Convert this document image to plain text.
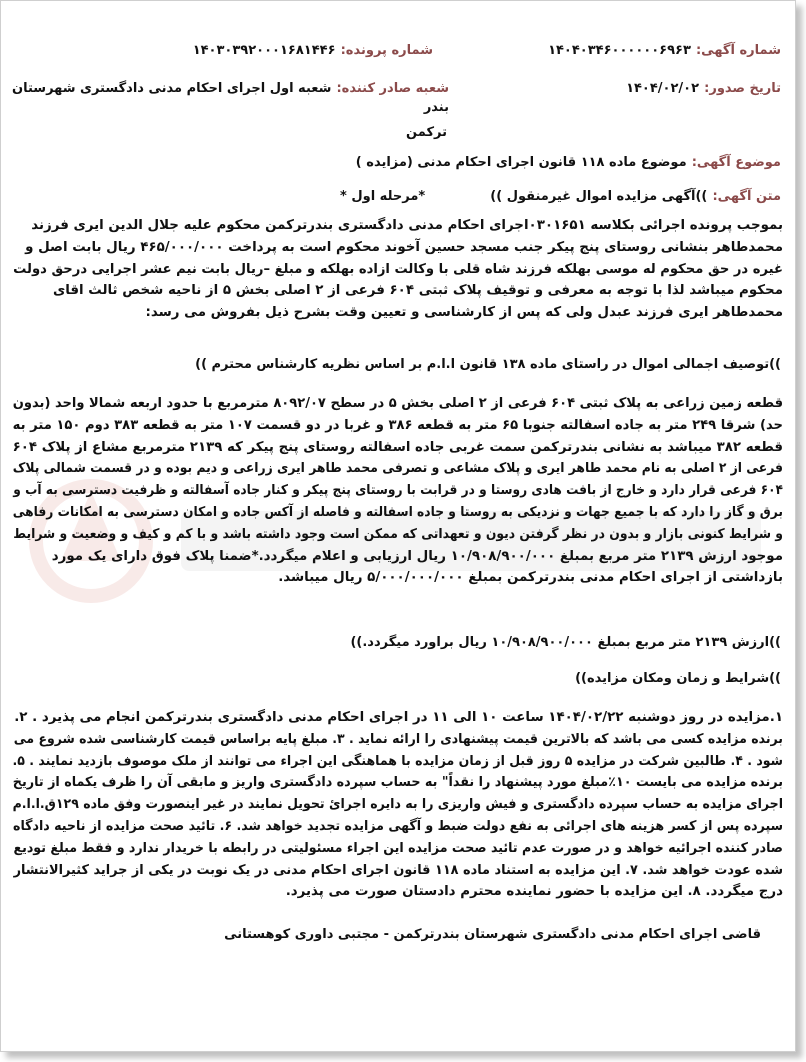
شماره آگهی: ۱۴۰۴۰۳۴۶۰۰۰۰۰۰۶۹۶۳
شماره پرونده: ۱۴۰۳۰۳۹۲۰۰۰۱۶۸۱۴۴۶
تاریخ صدور: ۱۴۰۴/۰۲/۰۲
شعبه صادر کننده: شعبه اول اجرای احکام مدنی دادگستری شهرستان بندر
ترکمن
موضوع آگهی: موضوع ماده ۱۱۸ قانون اجرای احکام مدنی (مزایده )
متن آگهی: ))آگهی مزایده اموال غیرمنقول )) *مرحله اول *
بموجب پرونده اجرائی بکلاسه ۰۳۰۱۶۵۱اجرای احکام مدنی دادگستری بندرترکمن محکوم علیه جلال الدین ایری فرزند
محمدطاهر بنشانی روستای پنج پیکر جنب مسجد حسین آخوند محکوم است به پرداخت ۴۶۵/۰۰۰/۰۰۰ ریال بابت اصل و
غیره در حق محکوم له موسی بهلکه فرزند شاه قلی با وکالت ازاده بهلکه و مبلغ –ریال بابت نیم عشر اجرایی درحق دولت
محکوم میباشد لذا با توجه به معرفی و توقیف پلاک ثبتی ۶۰۴ فرعی از ۲ اصلی بخش ۵ از ناحیه شخص ثالث اقای
محمدطاهر ایری فرزند عبدل ولی که پس از کارشناسی و تعیین وقت بشرح ذیل بفروش می رسد:
))توصیف اجمالی اموال در راستای ماده ۱۳۸ قانون ا.ا.م بر اساس نظریه کارشناس محترم ))
قطعه زمین زراعی به پلاک ثبتی ۶۰۴ فرعی از ۲ اصلی بخش ۵ در سطح ۸۰۹۲/۰۷ مترمربع با حدود اربعه شمالا واحد (بدون
حد) شرقا ۲۴۹ متر به جاده اسفالته جنوبا ۶۵ متر به قطعه ۳۸۶ و غربا در دو قسمت ۱۰۷ متر به قطعه ۳۸۳ دوم ۱۵۰ متر به
قطعه ۳۸۲ میباشد به نشانی بندرترکمن سمت غربی جاده اسفالته روستای پنج پیکر که ۲۱۳۹ مترمربع مشاع از پلاک ۶۰۴
فرعی از ۲ اصلی به نام محمد طاهر ایری و پلاک مشاعی و تصرفی محمد طاهر ایری زراعی و دیم بوده و در قسمت شمالی پلاک
۶۰۴ فرعی قرار دارد و خارج از بافت هادی روستا و در قرابت با روستای پنج پیکر و کنار جاده آسفالته و ظرفیت دسترسی به آب و
برق و گاز را دارد که با جمیع جهات و نزدیکی به روستا و جاده اسفالته و فاصله از آکس جاده و امکان دسترسی به امکانات رفاهی
و شرایط کنونی بازار و بدون در نظر گرفتن دیون و تعهداتی که ممکن است وجود داشته باشد و با کم و کیف و وضعیت و شرایط
موجود ارزش ۲۱۳۹ متر مربع بمبلغ ۱۰/۹۰۸/۹۰۰/۰۰۰ ریال ارزیابی و اعلام میگردد.*ضمنا پلاک فوق دارای یک مورد
بازداشتی از اجرای احکام مدنی بندرترکمن بمبلغ ۵/۰۰۰/۰۰۰/۰۰۰ ریال میباشد.
))ارزش ۲۱۳۹ متر مربع بمبلغ ۱۰/۹۰۸/۹۰۰/۰۰۰ ریال براورد میگردد.))
))شرایط و زمان ومکان مزایده))
۱.مزایده در روز دوشنبه ۱۴۰۴/۰۲/۲۲ ساعت ۱۰ الی ۱۱ در اجرای احکام مدنی دادگستری بندرترکمن انجام می پذیرد . ۲.
برنده مزایده کسی می باشد که بالاترین قیمت پیشنهادی را ارائه نماید . ۳. مبلغ پایه براساس قیمت کارشناسی شده شروع می
شود . ۴. طالبین شرکت در مزایده ۵ روز قبل از زمان مزایده با هماهنگی این اجراء می توانند از ملک موصوف بازدید نمایند . ۵.
برنده مزایده می بایست ۱۰٪مبلغ مورد پیشنهاد را نقداً" به حساب سپرده دادگستری واریز و مابقی آن را ظرف یکماه از تاریخ
اجرای مزایده به حساب سپرده دادگستری و فیش واریزی را به دایره اجرائ تحویل نمایند در غیر اینصورت وفق ماده ۱۲۹ق.ا.ا.م
سپرده پس از کسر هزینه های اجرائی به نفع دولت ضبط و آگهی مزایده تجدید خواهد شد. ۶. تائید صحت مزایده از ناحیه دادگاه
صادر کننده اجرائیه خواهد و در صورت عدم تائید صحت مزایده این اجراء مسئولیتی در رابطه با خریدار ندارد و فقط مبلغ تودیع
شده عودت خواهد شد. ۷. این مزایده به استناد ماده ۱۱۸ قانون اجرای احکام مدنی در یک نوبت در یکی از جراید کثیرالانتشار
درج میگردد. ۸. این مزایده با حضور نماینده محترم دادستان صورت می پذیرد.
قاضی اجرای احکام مدنی دادگستری شهرستان بندرترکمن - مجتبی داوری کوهستانی
